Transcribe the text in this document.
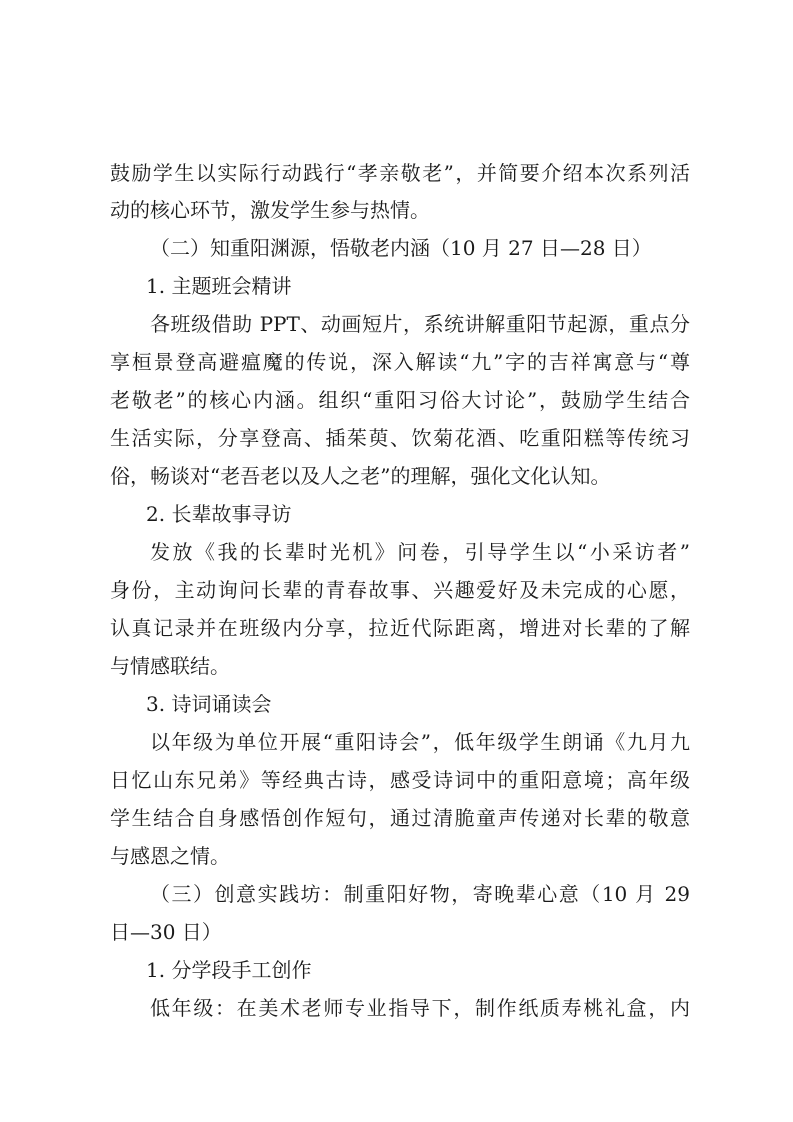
鼓励学生以实际行动践行“孝亲敬老”，并简要介绍本次系列活
动的核心环节，激发学生参与热情。
（二）知重阳渊源，悟敬老内涵（10 月 27 日—28 日）
1. 主题班会精讲
各班级借助 PPT、动画短片，系统讲解重阳节起源，重点分
享桓景登高避瘟魔的传说，深入解读“九”字的吉祥寓意与“尊
老敬老”的核心内涵。组织“重阳习俗大讨论”，鼓励学生结合
生活实际，分享登高、插茱萸、饮菊花酒、吃重阳糕等传统习
俗，畅谈对“老吾老以及人之老”的理解，强化文化认知。
2. 长辈故事寻访
发放《我的长辈时光机》问卷，引导学生以“小采访者”
身份，主动询问长辈的青春故事、兴趣爱好及未完成的心愿，
认真记录并在班级内分享，拉近代际距离，增进对长辈的了解
与情感联结。
3. 诗词诵读会
以年级为单位开展“重阳诗会”，低年级学生朗诵《九月九
日忆山东兄弟》等经典古诗，感受诗词中的重阳意境；高年级
学生结合自身感悟创作短句，通过清脆童声传递对长辈的敬意
与感恩之情。
（三）创意实践坊：制重阳好物，寄晚辈心意（10 月 29
日—30 日）
1. 分学段手工创作
低年级：在美术老师专业指导下，制作纸质寿桃礼盒，内
